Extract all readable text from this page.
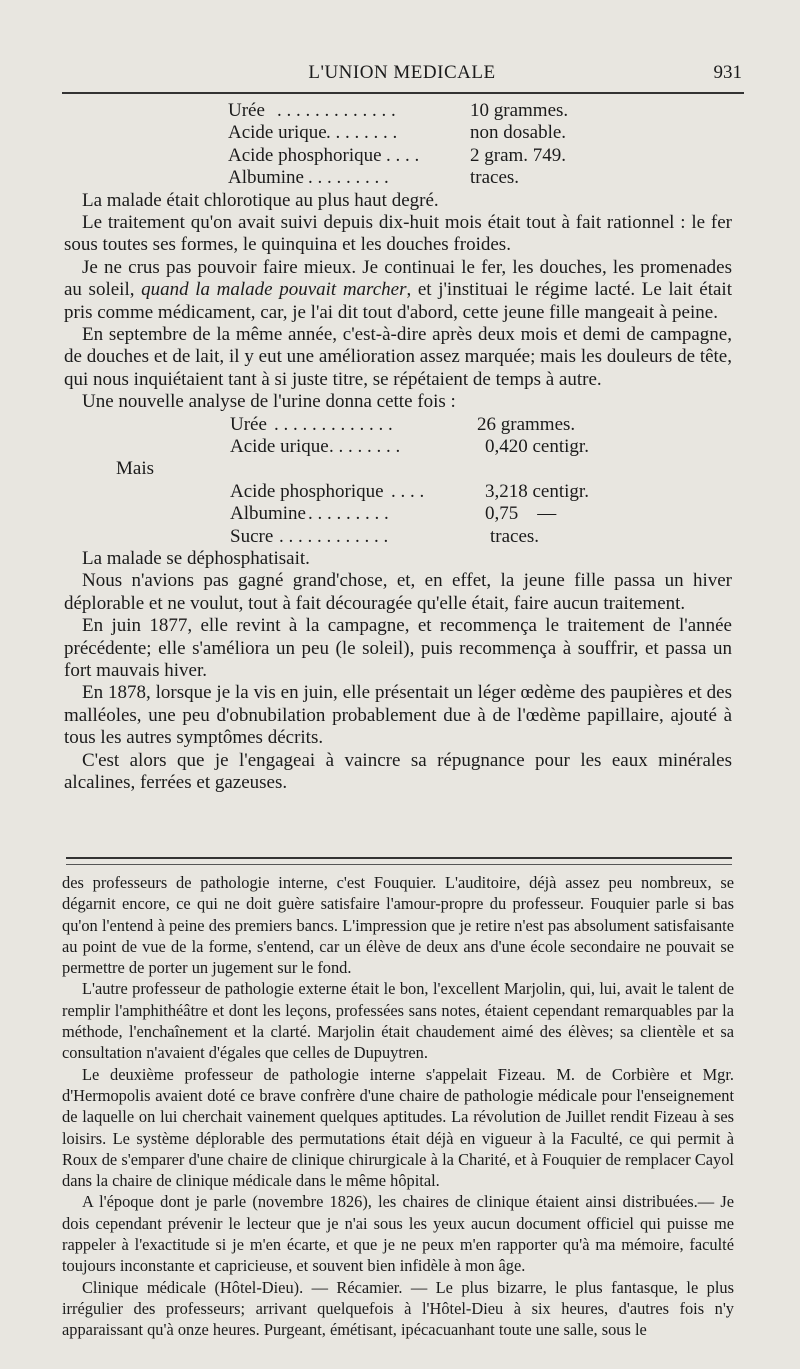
L'UNION MEDICALE	931
Urée . . . . . . . . . . . . .	10 grammes.
Acide urique . . . . . . . .	non dosable.
Acide phosphorique . . . .	2 gram. 749.
Albumine . . . . . . . . .	traces.

La malade était chlorotique au plus haut degré.

Le traitement qu'on avait suivi depuis dix-huit mois était tout à fait rationnel : le fer sous toutes ses formes, le quinquina et les douches froides.

Je ne crus pas pouvoir faire mieux. Je continuai le fer, les douches, les promenades au soleil, quand la malade pouvait marcher, et j'instituai le régime lacté. Le lait était pris comme médicament, car, je l'ai dit tout d'abord, cette jeune fille mangeait à peine.

En septembre de la même année, c'est-à-dire après deux mois et demi de campagne, de douches et de lait, il y eut une amélioration assez marquée; mais les douleurs de tête, qui nous inquiétaient tant à si juste titre, se répétaient de temps à autre.

Une nouvelle analyse de l'urine donna cette fois :

Urée . . . . . . . . . . . . .	26 grammes.
Acide urique . . . . . . . .	0,420 centigr.
Mais
Acide phosphorique . . . .	3,218 centigr.
Albumine . . . . . . . . .	0,75    —
Sucre . . . . . . . . . . . .	traces.

La malade se déphosphatisait.

Nous n'avions pas gagné grand'chose, et, en effet, la jeune fille passa un hiver déplorable et ne voulut, tout à fait découragée qu'elle était, faire aucun traitement.

En juin 1877, elle revint à la campagne, et recommença le traitement de l'année précédente; elle s'améliora un peu (le soleil), puis recommença à souffrir, et passa un fort mauvais hiver.

En 1878, lorsque je la vis en juin, elle présentait un léger œdème des paupières et des malléoles, une peu d'obnubilation probablement due à de l'œdème papillaire, ajouté à tous les autres symptômes décrits.

C'est alors que je l'engageai à vaincre sa répugnance pour les eaux minérales alcalines, ferrées et gazeuses.

des professeurs de pathologie interne, c'est Fouquier. L'auditoire, déjà assez peu nombreux, se dégarnit encore, ce qui ne doit guère satisfaire l'amour-propre du professeur. Fouquier parle si bas qu'on l'entend à peine des premiers bancs. L'impression que je retire n'est pas absolument satisfaisante au point de vue de la forme, s'entend, car un élève de deux ans d'une école secondaire ne pouvait se permettre de porter un jugement sur le fond.

L'autre professeur de pathologie externe était le bon, l'excellent Marjolin, qui, lui, avait le talent de remplir l'amphithéâtre et dont les leçons, professées sans notes, étaient cependant remarquables par la méthode, l'enchaînement et la clarté. Marjolin était chaudement aimé des élèves; sa clientèle et sa consultation n'avaient d'égales que celles de Dupuytren.

Le deuxième professeur de pathologie interne s'appelait Fizeau. M. de Corbière et Mgr. d'Hermopolis avaient doté ce brave confrère d'une chaire de pathologie médicale pour l'enseignement de laquelle on lui cherchait vainement quelques aptitudes. La révolution de Juillet rendit Fizeau à ses loisirs. Le système déplorable des permutations était déjà en vigueur à la Faculté, ce qui permit à Roux de s'emparer d'une chaire de clinique chirurgicale à la Charité, et à Fouquier de remplacer Cayol dans la chaire de clinique médicale dans le même hôpital.

A l'époque dont je parle (novembre 1826), les chaires de clinique étaient ainsi distribuées.— Je dois cependant prévenir le lecteur que je n'ai sous les yeux aucun document officiel qui puisse me rappeler à l'exactitude si je m'en écarte, et que je ne peux m'en rapporter qu'à ma mémoire, faculté toujours inconstante et capricieuse, et souvent bien infidèle à mon âge.

Clinique médicale (Hôtel-Dieu). — Récamier. — Le plus bizarre, le plus fantasque, le plus irrégulier des professeurs; arrivant quelquefois à l'Hôtel-Dieu à six heures, d'autres fois n'y apparaissant qu'à onze heures. Purgeant, émétisant, ipécacuanhant toute une salle, sous le
